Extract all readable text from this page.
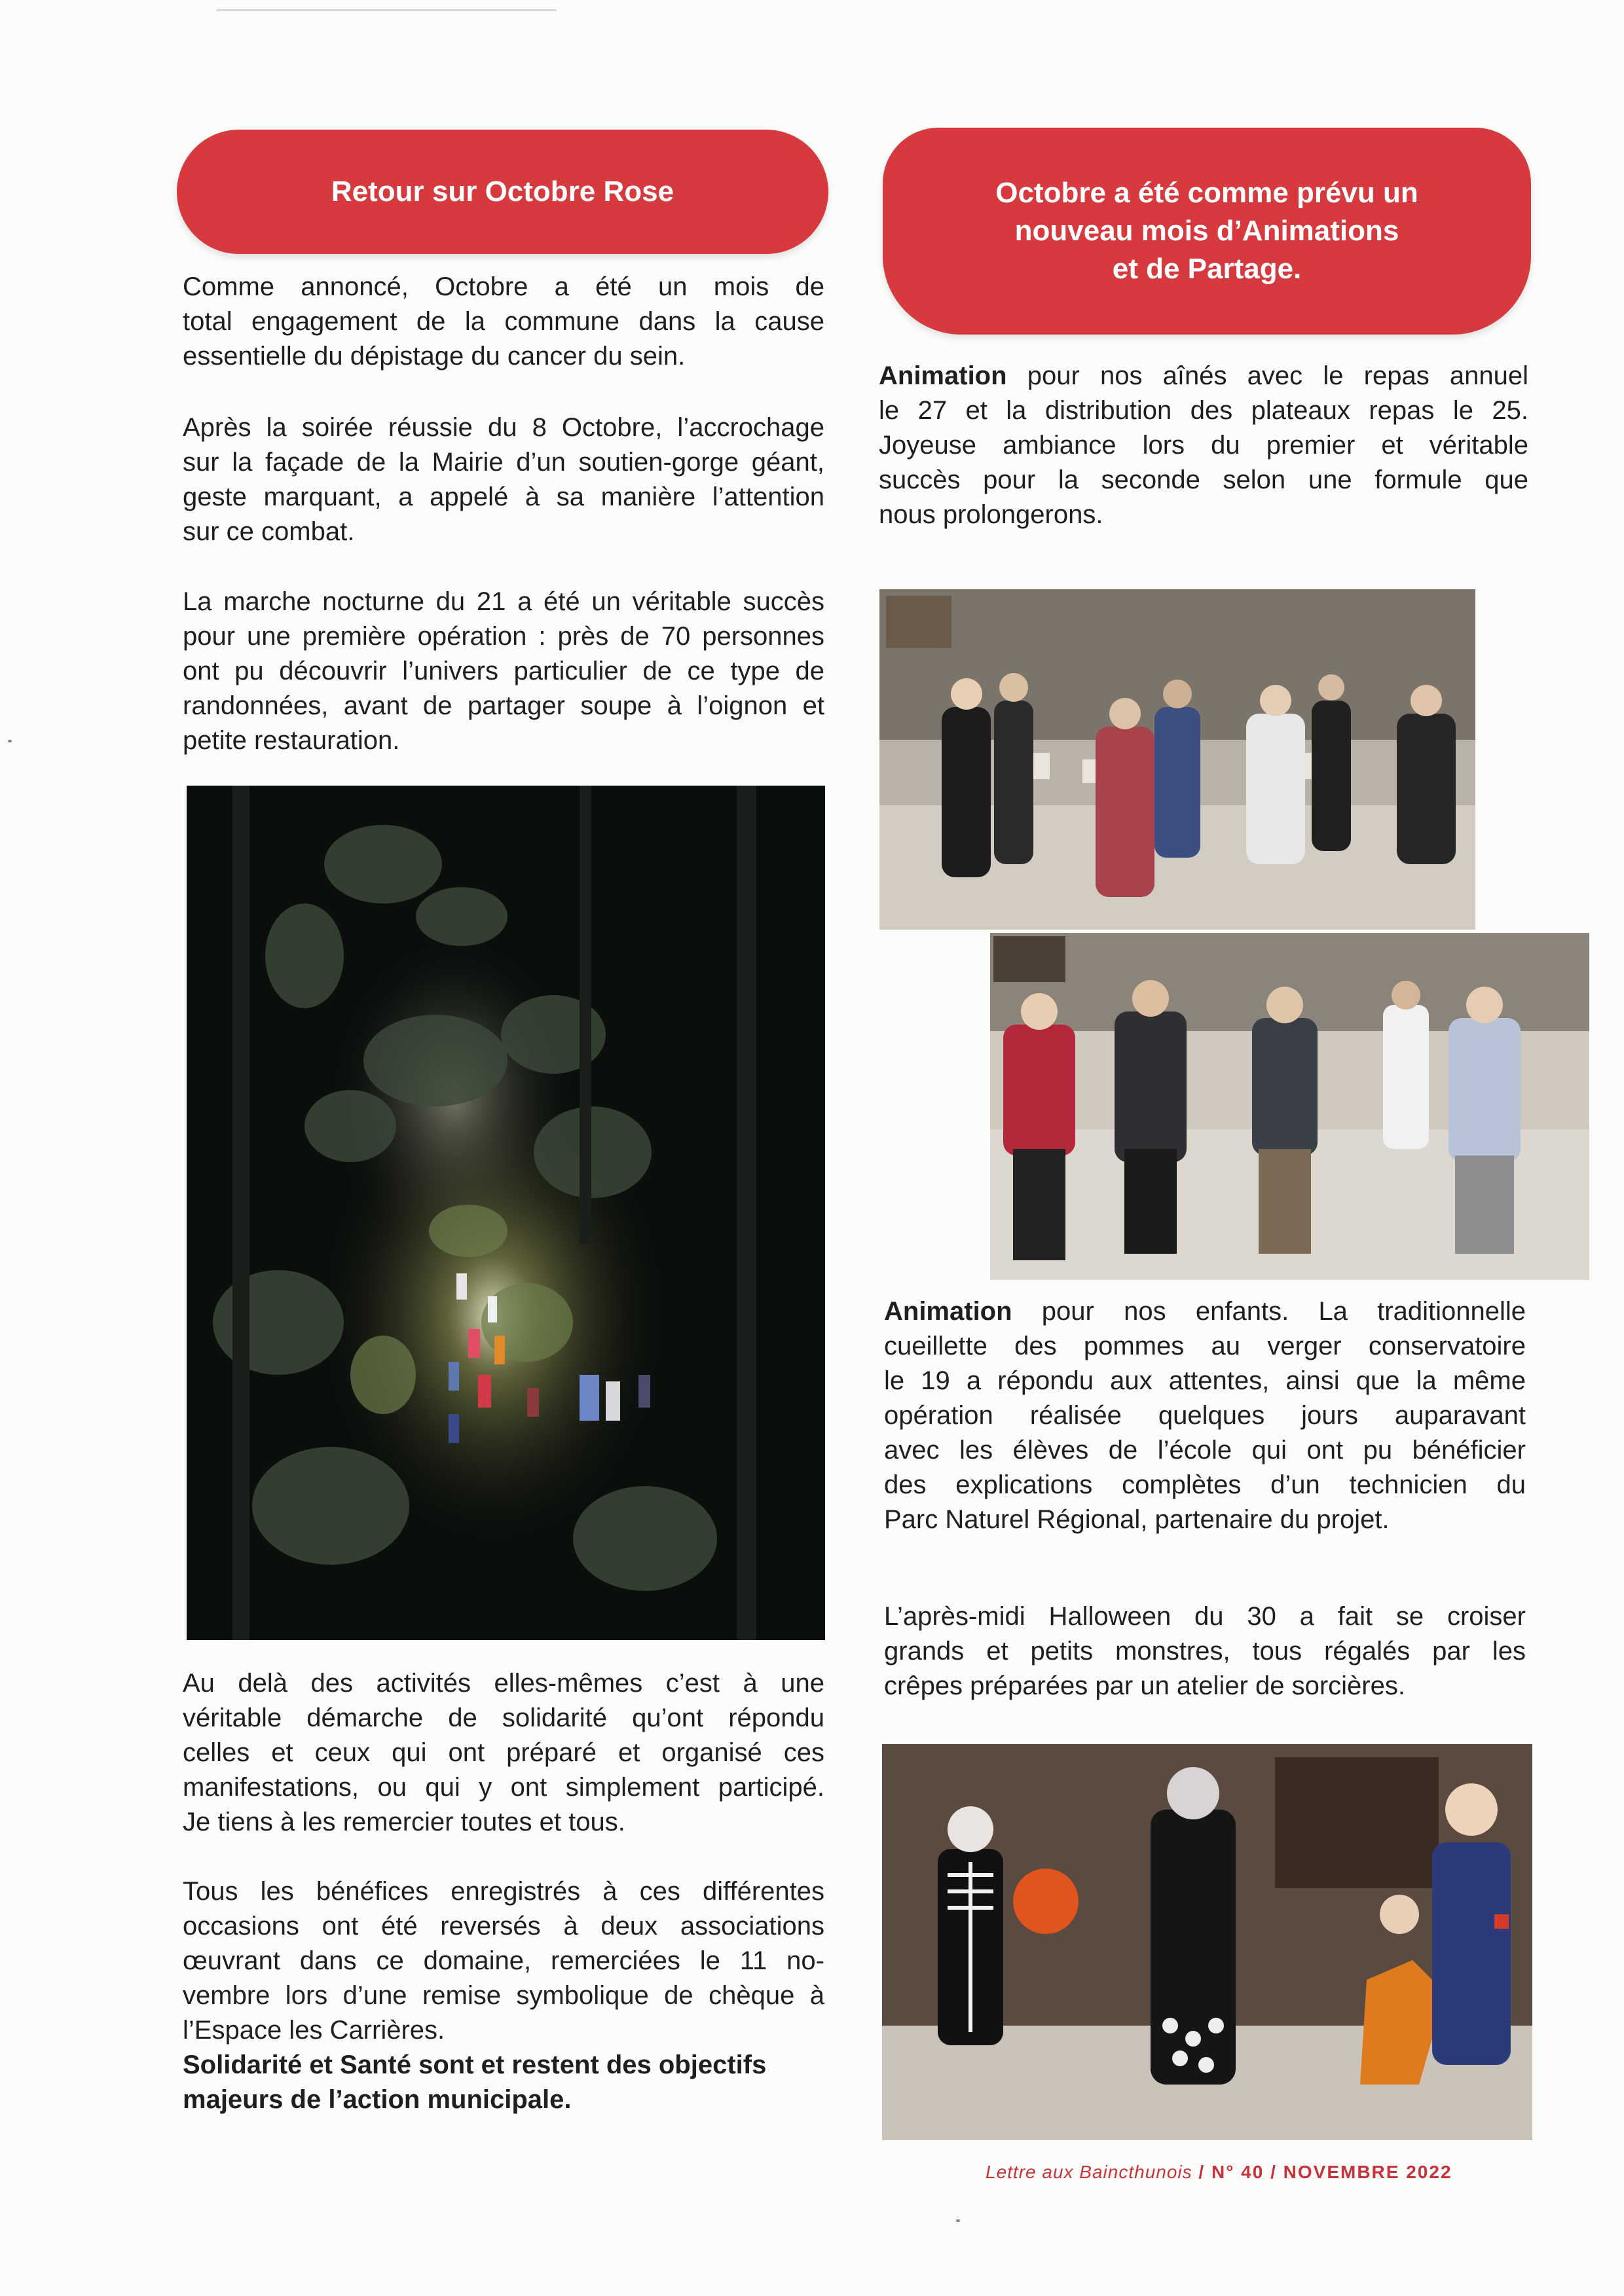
Retour sur Octobre Rose
Comme annoncé, Octobre a été un mois de
total engagement de la commune dans la cause
essentielle du dépistage du cancer du sein.
Après la soirée réussie du 8 Octobre, l’accrochage
sur la façade de la Mairie d’un soutien-gorge géant,
geste marquant, a appelé à sa manière l’attention
sur ce combat.
La marche nocturne du 21 a été un véritable succès
pour une première opération : près de 70 personnes
ont pu découvrir l’univers particulier de ce type de
randonnées, avant de partager soupe à l’oignon et
petite restauration.
Au delà des activités elles-mêmes c’est à une
véritable démarche de solidarité qu’ont répondu
celles et ceux qui ont préparé et organisé ces
manifestations, ou qui y ont simplement participé.
Je tiens à les remercier toutes et tous.
Tous les bénéfices enregistrés à ces différentes
occasions ont été reversés à deux associations
œuvrant dans ce domaine, remerciées le 11 no-
vembre lors d’une remise symbolique de chèque à
l’Espace les Carrières.
Solidarité et Santé sont et restent des objectifs
majeurs de l’action municipale.
Octobre a été comme prévu un
nouveau mois d’Animations
et de Partage.
Animation pour nos aînés avec le repas annuel
le 27 et la distribution des plateaux repas le 25.
Joyeuse ambiance lors du premier et véritable
succès pour la seconde selon une formule que
nous prolongerons.
Animation pour nos enfants. La traditionnelle
cueillette des pommes au verger conservatoire
le 19 a répondu aux attentes, ainsi que la même
opération réalisée quelques jours auparavant
avec les élèves de l’école qui ont pu bénéficier
des explications complètes d’un technicien du
Parc Naturel Régional, partenaire du projet.
L’après-midi Halloween du 30 a fait se croiser
grands et petits monstres, tous régalés par les
crêpes préparées par un atelier de sorcières.
Lettre aux Baincthunois / N° 40 / NOVEMBRE 2022
